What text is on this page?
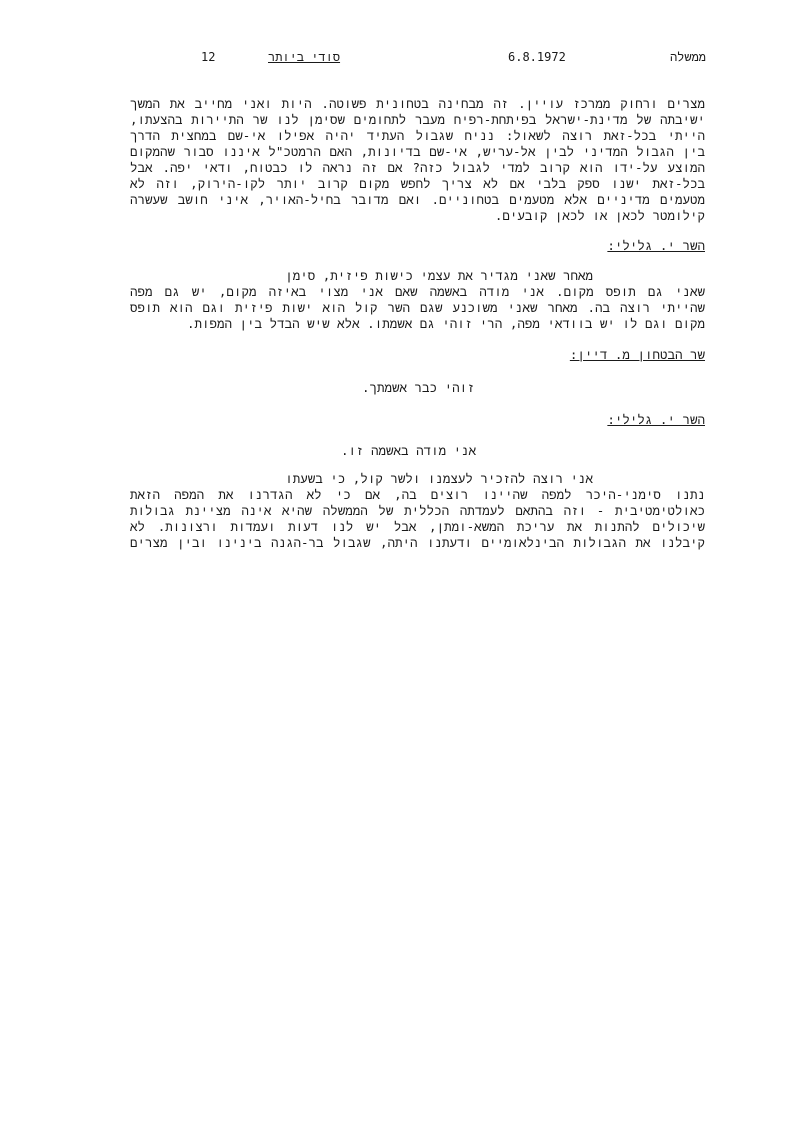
ממשלה
6.8.1972
סודי ביותר
12

מצרים ורחוק ממרכז עויין. זה מבחינה בטחונית פשוטה. היות ואני מחייב את המשך
ישיבתה של מדינת-ישראל בפיתחת-רפיח מעבר לתחומים שסימן לנו שר התיירות בהצעתו,
הייתי בכל-זאת רוצה לשאול: נניח שגבול העתיד יהיה אפילו אי-שם במחצית הדרך
בין הגבול המדיני לבין אל-עריש, אי-שם בדיונות, האם הרמטכ"ל איננו סבור שהמקום
המוצע על-ידו הוא קרוב למדי לגבול כזה? אם זה נראה לו כבטוח, ודאי יפה. אבל
בכל-זאת ישנו ספק בלבי אם לא צריך לחפש מקום קרוב יותר לקו-הירוק, וזה לא
מטעמים מדיניים אלא מטעמים בטחוניים. ואם מדובר בחיל-האויר, איני חושב שעשרה
קילומטר לכאן או לכאן קובעים.

השר י. גלילי:

מאחר שאני מגדיר את עצמי כישות פיזית, סימן
שאני גם תופס מקום. אני מודה באשמה שאם אני מצוי באיזה מקום, יש גם מפה
שהייתי רוצה בה. מאחר שאני משוכנע שגם השר קול הוא ישות פיזית וגם הוא תופס
מקום וגם לו יש בוודאי מפה, הרי זוהי גם אשמתו. אלא שיש הבדל בין המפות.

שר הבטחון מ. דיין:
זוהי כבר אשמתך.
השר י. גלילי:
אני מודה באשמה זו.

אני רוצה להזכיר לעצמנו ולשר קול, כי בשעתו
נתנו סימני-היכר למפה שהיינו רוצים בה, אם כי לא הגדרנו את המפה הזאת
כאולטימטיבית - וזה בהתאם לעמדתה הכללית של הממשלה שהיא אינה מציינת גבולות
שיכולים להתנות את עריכת המשא-ומתן, אבל יש לנו דעות ועמדות ורצונות. לא
קיבלנו את הגבולות הבינלאומיים ודעתנו היתה, שגבול בר-הגנה בינינו ובין מצרים
